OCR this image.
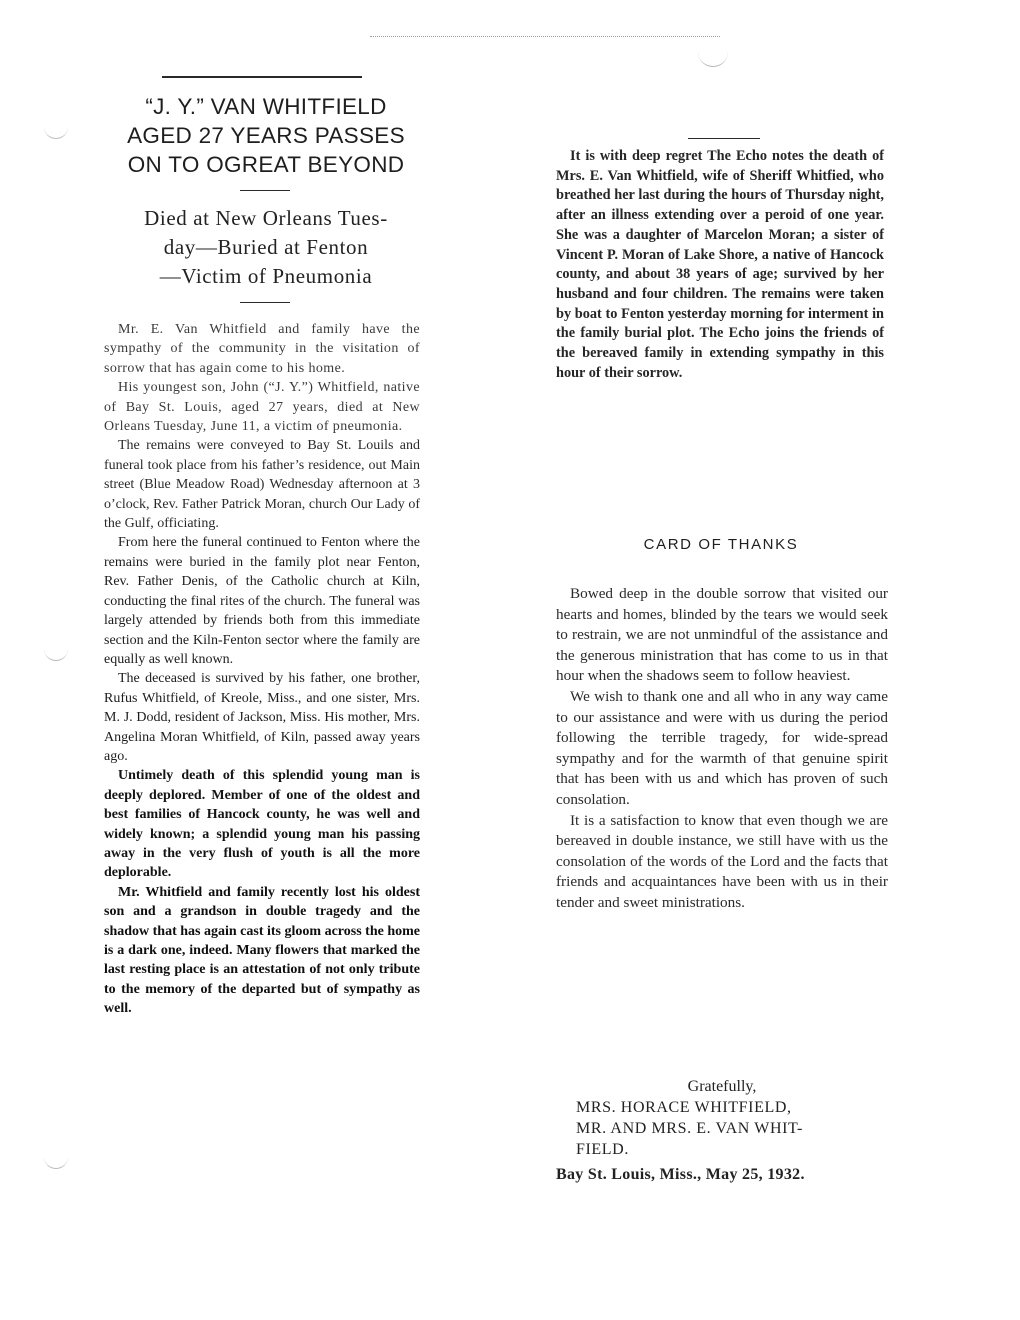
“J. Y.” VAN WHITFIELD
AGED 27 YEARS PASSES
ON TO OGREAT BEYOND
Died at New Orleans Tues-
day—Buried at Fenton
—Victim of Pneumonia

Mr. E. Van Whitfield and family have the sympathy of the community in the visitation of sorrow that has again come to his home.

His youngest son, John (“J. Y.”) Whitfield, native of Bay St. Louis, aged 27 years, died at New Orleans Tuesday, June 11, a victim of pneumonia.

The remains were conveyed to Bay St. Louils and funeral took place from his father’s residence, out Main street (Blue Meadow Road) Wednesday afternoon at 3 o’clock, Rev. Father Patrick Moran, church Our Lady of the Gulf, officiating.

From here the funeral continued to Fenton where the remains were buried in the family plot near Fenton, Rev. Father Denis, of the Catholic church at Kiln, conducting the final rites of the church. The funeral was largely attended by friends both from this immediate section and the Kiln-Fenton sector where the family are equally as well known.

The deceased is survived by his father, one brother, Rufus Whitfield, of Kreole, Miss., and one sister, Mrs. M. J. Dodd, resident of Jackson, Miss. His mother, Mrs. Angelina Moran Whitfield, of Kiln, passed away years ago.

Untimely death of this splendid young man is deeply deplored. Member of one of the oldest and best families of Hancock county, he was well and widely known; a splendid young man his passing away in the very flush of youth is all the more deplorable.

Mr. Whitfield and family recently lost his oldest son and a grandson in double tragedy and the shadow that has again cast its gloom across the home is a dark one, indeed. Many flowers that marked the last resting place is an attestation of not only tribute to the memory of the departed but of sympathy as well.

It is with deep regret The Echo notes the death of Mrs. E. Van Whitfield, wife of Sheriff Whitfied, who breathed her last during the hours of Thursday night, after an illness extending over a peroid of one year. She was a daughter of Marcelon Moran; a sister of Vincent P. Moran of Lake Shore, a native of Hancock county, and about 38 years of age; survived by her husband and four children. The remains were taken by boat to Fenton yesterday morning for interment in the family burial plot. The Echo joins the friends of the bereaved family in extending sympathy in this hour of their sorrow.

CARD OF THANKS

Bowed deep in the double sorrow that visited our hearts and homes, blinded by the tears we would seek to restrain, we are not unmindful of the assistance and the generous ministration that has come to us in that hour when the shadows seem to follow heaviest.

We wish to thank one and all who in any way came to our assistance and were with us during the period following the terrible tragedy, for wide-spread sympathy and for the warmth of that genuine spirit that has been with us and which has proven of such consolation.

It is a satisfaction to know that even though we are bereaved in double instance, we still have with us the consolation of the words of the Lord and the facts that friends and acquaintances have been with us in their tender and sweet ministrations.

Gratefully,
MRS. HORACE WHITFIELD,
MR. AND MRS. E. VAN WHIT-
FIELD.
Bay St. Louis, Miss., May 25, 1932.
